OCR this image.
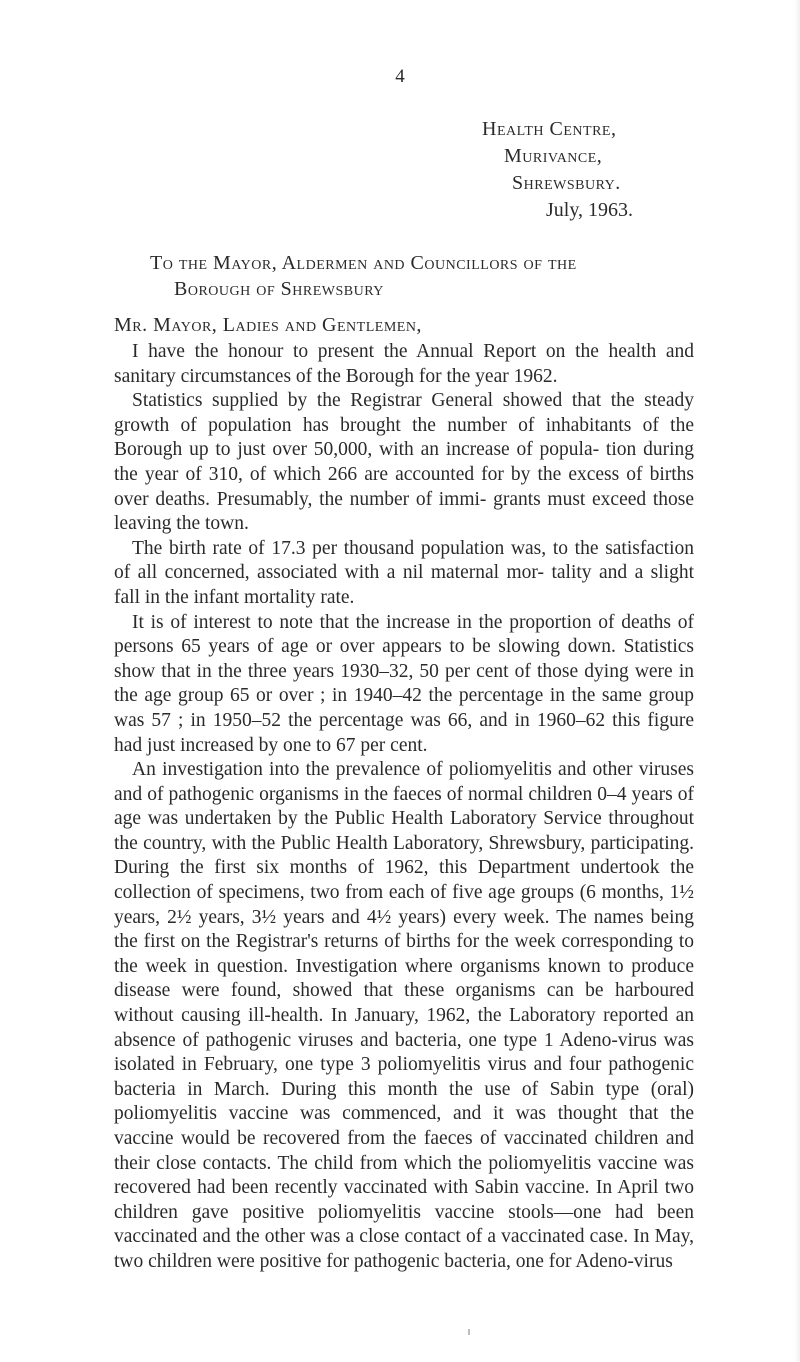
4
Health Centre,
Murivance,
Shrewsbury.
July, 1963.
To the Mayor, Aldermen and Councillors of the
Borough of Shrewsbury
Mr. Mayor, Ladies and Gentlemen,

I have the honour to present the Annual Report on the health and sanitary circumstances of the Borough for the year 1962.

Statistics supplied by the Registrar General showed that the steady growth of population has brought the number of inhabitants of the Borough up to just over 50,000, with an increase of popula- tion during the year of 310, of which 266 are accounted for by the excess of births over deaths. Presumably, the number of immi- grants must exceed those leaving the town.

The birth rate of 17.3 per thousand population was, to the satisfaction of all concerned, associated with a nil maternal mor- tality and a slight fall in the infant mortality rate.

It is of interest to note that the increase in the proportion of deaths of persons 65 years of age or over appears to be slowing down. Statistics show that in the three years 1930–32, 50 per cent of those dying were in the age group 65 or over ; in 1940–42 the percentage in the same group was 57 ; in 1950–52 the percentage was 66, and in 1960–62 this figure had just increased by one to 67 per cent.

An investigation into the prevalence of poliomyelitis and other viruses and of pathogenic organisms in the faeces of normal children 0–4 years of age was undertaken by the Public Health Laboratory Service throughout the country, with the Public Health Laboratory, Shrewsbury, participating. During the first six months of 1962, this Department undertook the collection of specimens, two from each of five age groups (6 months, 1½ years, 2½ years, 3½ years and 4½ years) every week. The names being the first on the Registrar's returns of births for the week corresponding to the week in question. Investigation where organisms known to produce disease were found, showed that these organisms can be harboured without causing ill-health. In January, 1962, the Laboratory reported an absence of pathogenic viruses and bacteria, one type 1 Adeno-virus was isolated in February, one type 3 poliomyelitis virus and four pathogenic bacteria in March. During this month the use of Sabin type (oral) poliomyelitis vaccine was commenced, and it was thought that the vaccine would be recovered from the faeces of vaccinated children and their close contacts. The child from which the poliomyelitis vaccine was recovered had been recently vaccinated with Sabin vaccine. In April two children gave positive poliomyelitis vaccine stools—one had been vaccinated and the other was a close contact of a vaccinated case. In May, two children were positive for pathogenic bacteria, one for Adeno-virus
